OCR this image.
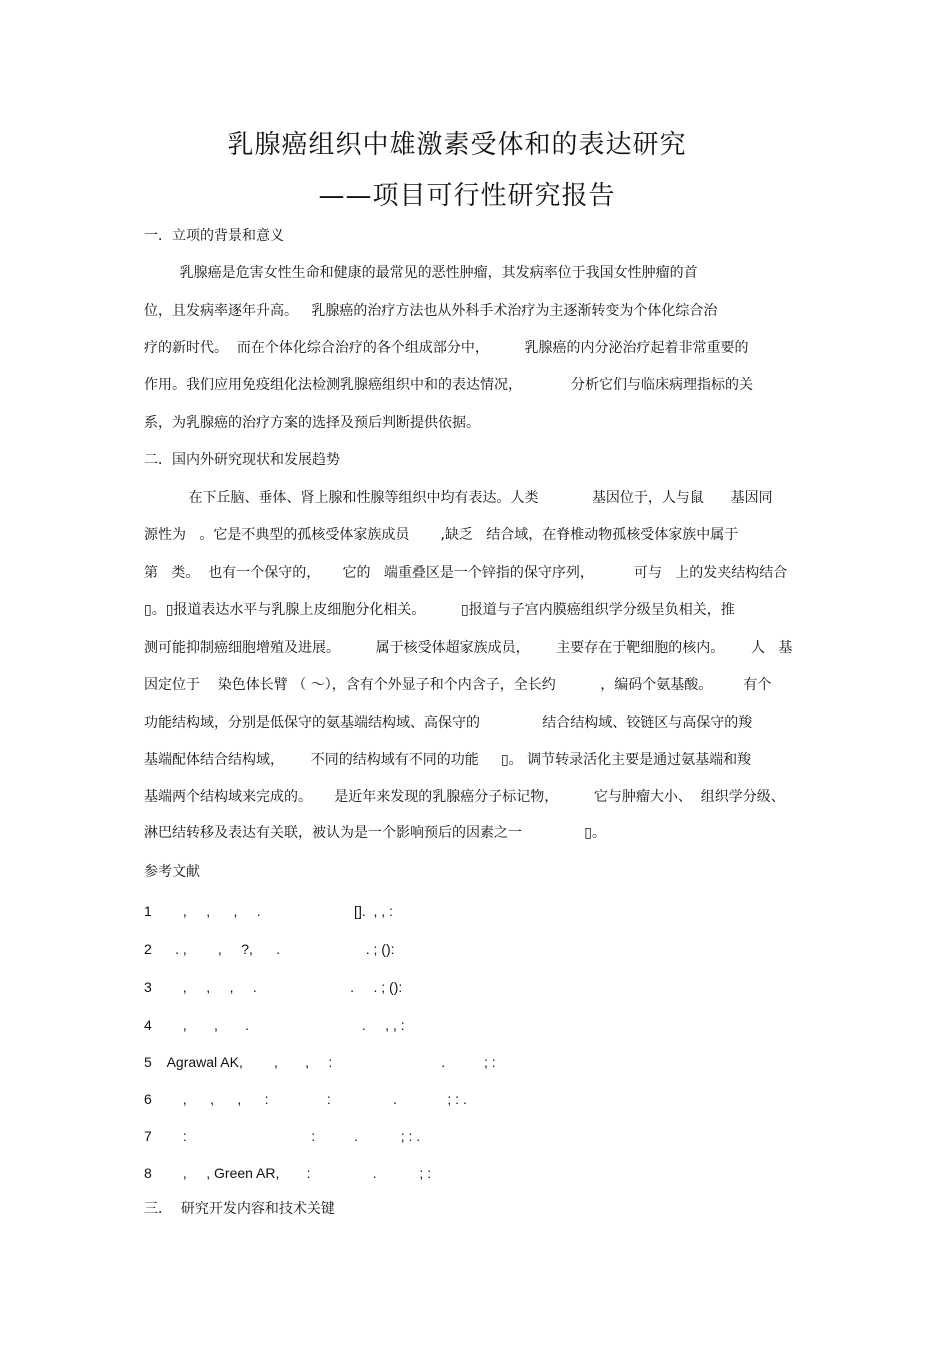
乳腺癌组织中雄激素受体和的表达研究
——项目可行性研究报告
一．立项的背景和意义
乳腺癌是危害女性生命和健康的最常见的恶性肿瘤，其发病率位于我国女性肿瘤的首
位，且发病率逐年升高。   乳腺癌的治疗方法也从外科手术治疗为主逐渐转变为个体化综合治
疗的新时代。  而在个体化综合治疗的各个组成部分中，        乳腺癌的内分泌治疗起着非常重要的
作用。我们应用免疫组化法检测乳腺癌组织中和的表达情况，           分析它们与临床病理指标的关
系，为乳腺癌的治疗方案的选择及预后判断提供依据。
二．国内外研究现状和发展趋势
在下丘脑、垂体、肾上腺和性腺等组织中均有表达。人类            基因位于，人与鼠      基因同
源性为   。它是不典型的孤核受体家族成员       ,缺乏   结合域，在脊椎动物孤核受体家族中属于
第   类。  也有一个保守的，     它的   端重叠区是一个锌指的保守序列，         可与   上的发夹结构结合
▯。▯报道表达水平与乳腺上皮细胞分化相关。        ▯报道与子宫内膜癌组织学分级呈负相关，推
测可能抑制癌细胞增殖及进展。        属于核受体超家族成员，      主要存在于靶细胞的核内。      人   基
因定位于    染色体长臂 （ ～），含有个外显子和个内含子，全长约          ，编码个氨基酸。       有个
功能结构域，分别是低保守的氨基端结构域、高保守的              结合结构域、铰链区与高保守的羧
基端配体结合结构域，      不同的结构域有不同的功能     ▯。 调节转录活化主要是通过氨基端和羧
基端两个结构域来完成的。     是近年来发现的乳腺癌分子标记物，        它与肿瘤大小、  组织学分级、
淋巴结转移及表达有关联，被认为是一个影响预后的因素之一              ▯。
参考文献
1        ,     ,      ,     .                        [].  , , :
2      . ,        ,     ?,      .                      . ; ():
3        ,     ,     ,     .                        .     . ; ():
4        ,       ,       .                             .     , , :
5    Agrawal AK,        ,       ,     :                            .          ; :
6        ,      ,      ,      :               :                .             ; : .
7        :                                :          .           ; : .
8        ,     , Green AR,       :                .           ; :
三．  研究开发内容和技术关键
